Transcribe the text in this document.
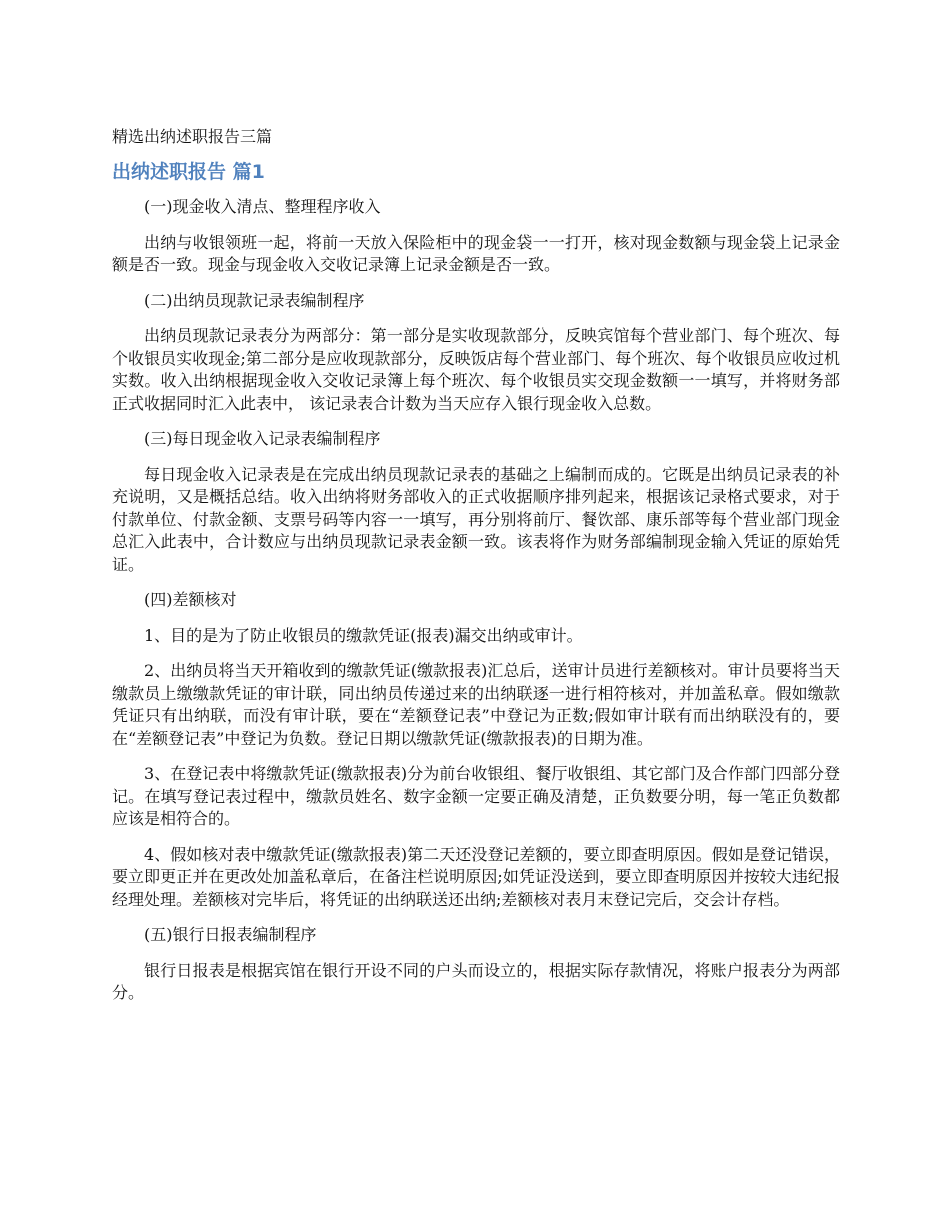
精选出纳述职报告三篇
出纳述职报告 篇1

(一)现金收入清点、整理程序收入

出纳与收银领班一起，将前一天放入保险柜中的现金袋一一打开，核对现金数额与现金袋上记录金额是否一致。现金与现金收入交收记录簿上记录金额是否一致。

(二)出纳员现款记录表编制程序

出纳员现款记录表分为两部分：第一部分是实收现款部分，反映宾馆每个营业部门、每个班次、每个收银员实收现金;第二部分是应收现款部分，反映饭店每个营业部门、每个班次、每个收银员应收过机实数。收入出纳根据现金收入交收记录簿上每个班次、每个收银员实交现金数额一一填写，并将财务部正式收据同时汇入此表中， 该记录表合计数为当天应存入银行现金收入总数。

(三)每日现金收入记录表编制程序

每日现金收入记录表是在完成出纳员现款记录表的基础之上编制而成的。它既是出纳员记录表的补充说明，又是概括总结。收入出纳将财务部收入的正式收据顺序排列起来，根据该记录格式要求，对于付款单位、付款金额、支票号码等内容一一填写，再分别将前厅、餐饮部、康乐部等每个营业部门现金总汇入此表中，合计数应与出纳员现款记录表金额一致。该表将作为财务部编制现金输入凭证的原始凭证。

(四)差额核对

1、目的是为了防止收银员的缴款凭证(报表)漏交出纳或审计。

2、出纳员将当天开箱收到的缴款凭证(缴款报表)汇总后，送审计员进行差额核对。审计员要将当天缴款员上缴缴款凭证的审计联，同出纳员传递过来的出纳联逐一进行相符核对，并加盖私章。假如缴款凭证只有出纳联，而没有审计联，要在“差额登记表”中登记为正数;假如审计联有而出纳联没有的，要在“差额登记表”中登记为负数。登记日期以缴款凭证(缴款报表)的日期为准。

3、在登记表中将缴款凭证(缴款报表)分为前台收银组、餐厅收银组、其它部门及合作部门四部分登记。在填写登记表过程中，缴款员姓名、数字金额一定要正确及清楚，正负数要分明，每一笔正负数都应该是相符合的。

4、假如核对表中缴款凭证(缴款报表)第二天还没登记差额的，要立即查明原因。假如是登记错误，要立即更正并在更改处加盖私章后，在备注栏说明原因;如凭证没送到，要立即查明原因并按较大违纪报经理处理。差额核对完毕后，将凭证的出纳联送还出纳;差额核对表月末登记完后，交会计存档。

(五)银行日报表编制程序

银行日报表是根据宾馆在银行开设不同的户头而设立的，根据实际存款情况，将账户报表分为两部分。
